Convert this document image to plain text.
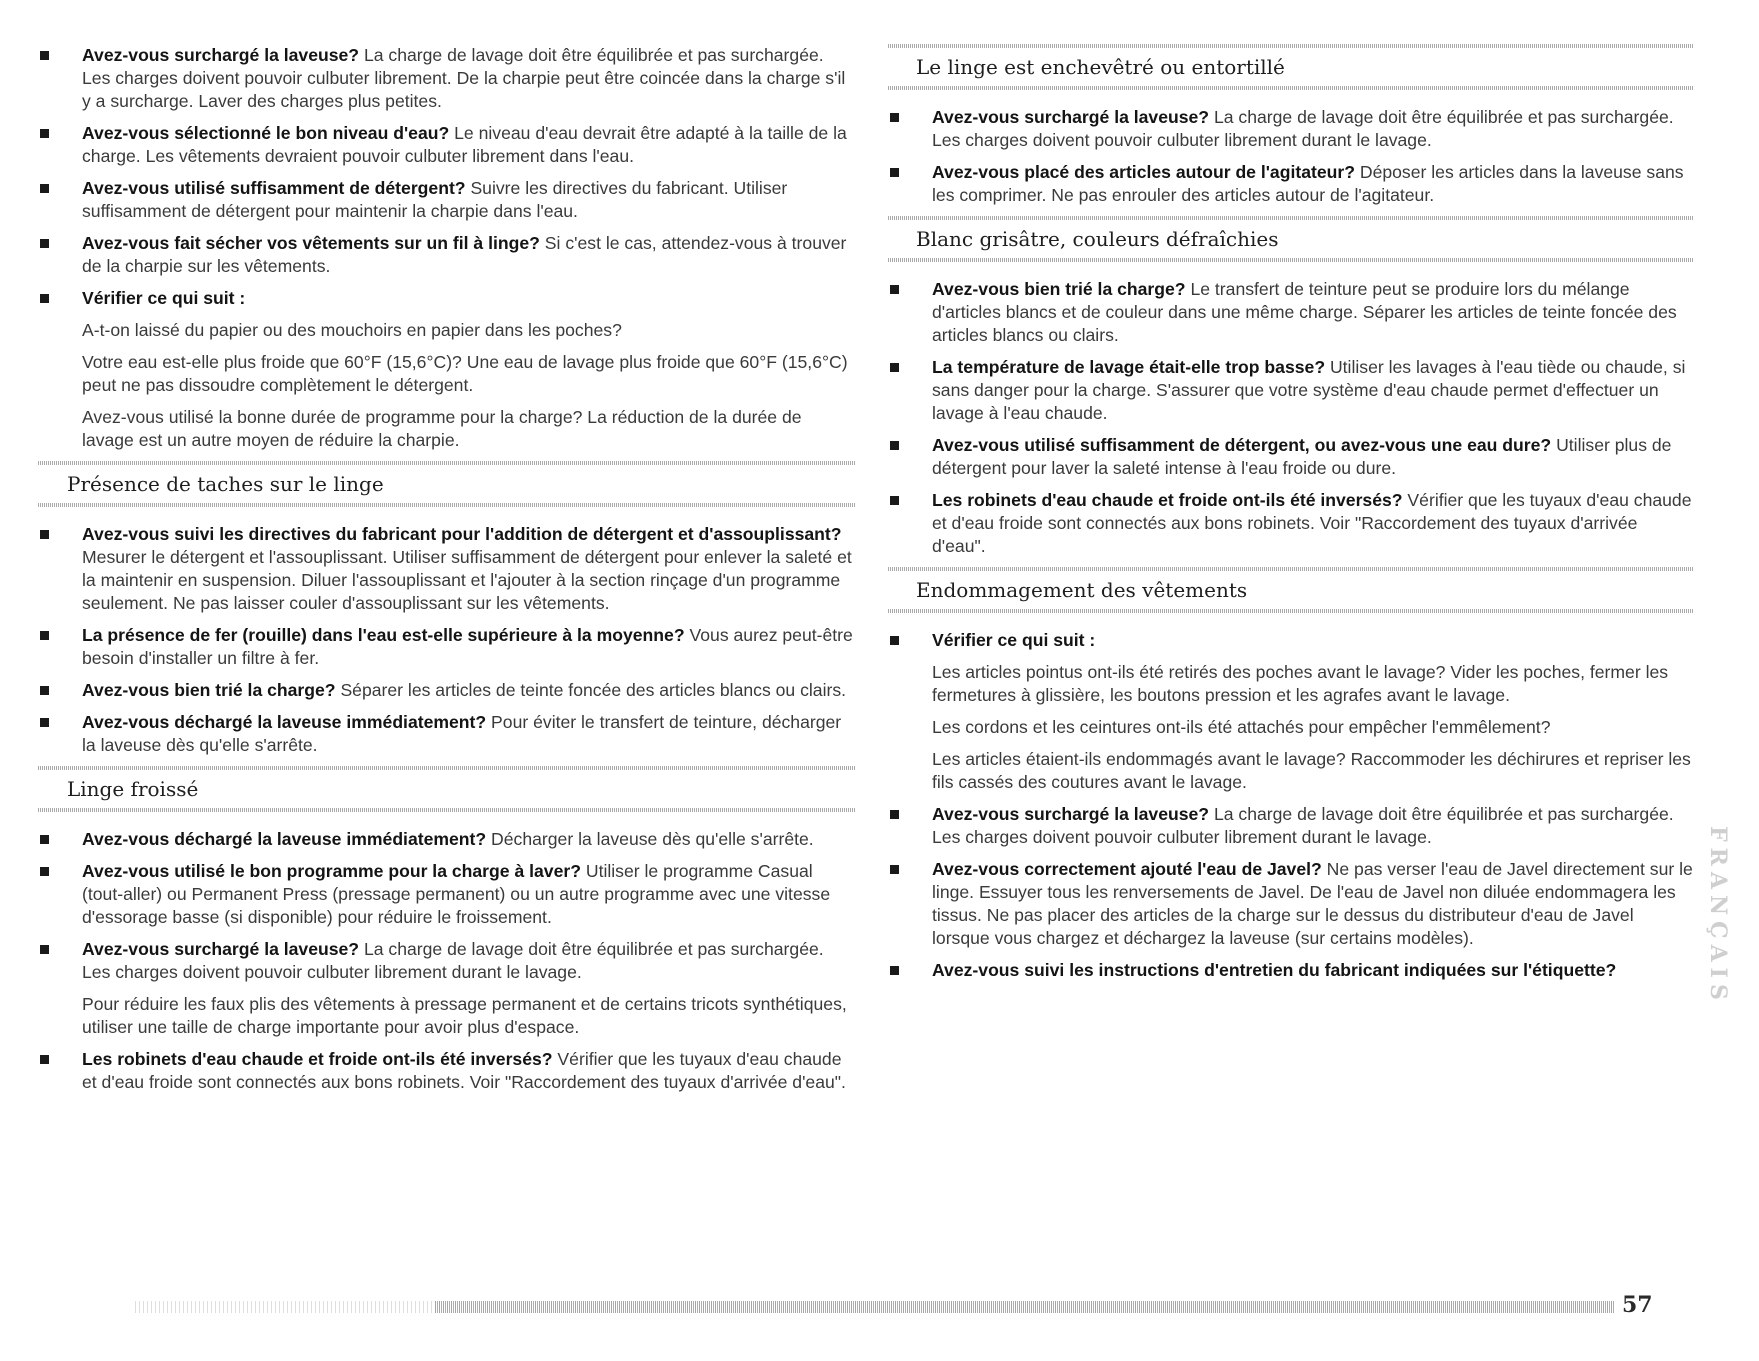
Avez-vous surchargé la laveuse? La charge de lavage doit être équilibrée et pas surchargée. Les charges doivent pouvoir culbuter librement. De la charpie peut être coincée dans la charge s'il y a surcharge. Laver des charges plus petites.
Avez-vous sélectionné le bon niveau d'eau? Le niveau d'eau devrait être adapté à la taille de la charge. Les vêtements devraient pouvoir culbuter librement dans l'eau.
Avez-vous utilisé suffisamment de détergent? Suivre les directives du fabricant. Utiliser suffisamment de détergent pour maintenir la charpie dans l'eau.
Avez-vous fait sécher vos vêtements sur un fil à linge? Si c'est le cas, attendez-vous à trouver de la charpie sur les vêtements.
Vérifier ce qui suit :
A-t-on laissé du papier ou des mouchoirs en papier dans les poches?
Votre eau est-elle plus froide que 60°F (15,6°C)? Une eau de lavage plus froide que 60°F (15,6°C) peut ne pas dissoudre complètement le détergent.
Avez-vous utilisé la bonne durée de programme pour la charge? La réduction de la durée de lavage est un autre moyen de réduire la charpie.
Présence de taches sur le linge
Avez-vous suivi les directives du fabricant pour l'addition de détergent et d'assouplissant? Mesurer le détergent et l'assouplissant. Utiliser suffisamment de détergent pour enlever la saleté et la maintenir en suspension. Diluer l'assouplissant et l'ajouter à la section rinçage d'un programme seulement. Ne pas laisser couler d'assouplissant sur les vêtements.
La présence de fer (rouille) dans l'eau est-elle supérieure à la moyenne? Vous aurez peut-être besoin d'installer un filtre à fer.
Avez-vous bien trié la charge? Séparer les articles de teinte foncée des articles blancs ou clairs.
Avez-vous déchargé la laveuse immédiatement? Pour éviter le transfert de teinture, décharger la laveuse dès qu'elle s'arrête.
Linge froissé
Avez-vous déchargé la laveuse immédiatement? Décharger la laveuse dès qu'elle s'arrête.
Avez-vous utilisé le bon programme pour la charge à laver? Utiliser le programme Casual (tout-aller) ou Permanent Press (pressage permanent) ou un autre programme avec une vitesse d'essorage basse (si disponible) pour réduire le froissement.
Avez-vous surchargé la laveuse? La charge de lavage doit être équilibrée et pas surchargée. Les charges doivent pouvoir culbuter librement durant le lavage.
Pour réduire les faux plis des vêtements à pressage permanent et de certains tricots synthétiques, utiliser une taille de charge importante pour avoir plus d'espace.
Les robinets d'eau chaude et froide ont-ils été inversés? Vérifier que les tuyaux d'eau chaude et d'eau froide sont connectés aux bons robinets. Voir "Raccordement des tuyaux d'arrivée d'eau".
Le linge est enchevêtré ou entortillé
Avez-vous surchargé la laveuse? La charge de lavage doit être équilibrée et pas surchargée. Les charges doivent pouvoir culbuter librement durant le lavage.
Avez-vous placé des articles autour de l'agitateur? Déposer les articles dans la laveuse sans les comprimer. Ne pas enrouler des articles autour de l'agitateur.
Blanc grisâtre, couleurs défraîchies
Avez-vous bien trié la charge? Le transfert de teinture peut se produire lors du mélange d'articles blancs et de couleur dans une même charge. Séparer les articles de teinte foncée des articles blancs ou clairs.
La température de lavage était-elle trop basse? Utiliser les lavages à l'eau tiède ou chaude, si sans danger pour la charge. S'assurer que votre système d'eau chaude permet d'effectuer un lavage à l'eau chaude.
Avez-vous utilisé suffisamment de détergent, ou avez-vous une eau dure? Utiliser plus de détergent pour laver la saleté intense à l'eau froide ou dure.
Les robinets d'eau chaude et froide ont-ils été inversés? Vérifier que les tuyaux d'eau chaude et d'eau froide sont connectés aux bons robinets. Voir "Raccordement des tuyaux d'arrivée d'eau".
Endommagement des vêtements
Vérifier ce qui suit :
Les articles pointus ont-ils été retirés des poches avant le lavage? Vider les poches, fermer les fermetures à glissière, les boutons pression et les agrafes avant le lavage.
Les cordons et les ceintures ont-ils été attachés pour empêcher l'emmêlement?
Les articles étaient-ils endommagés avant le lavage? Raccommoder les déchirures et repriser les fils cassés des coutures avant le lavage.
Avez-vous surchargé la laveuse? La charge de lavage doit être équilibrée et pas surchargée. Les charges doivent pouvoir culbuter librement durant le lavage.
Avez-vous correctement ajouté l'eau de Javel? Ne pas verser l'eau de Javel directement sur le linge. Essuyer tous les renversements de Javel. De l'eau de Javel non diluée endommagera les tissus. Ne pas placer des articles de la charge sur le dessus du distributeur d'eau de Javel lorsque vous chargez et déchargez la laveuse (sur certains modèles).
Avez-vous suivi les instructions d'entretien du fabricant indiquées sur l'étiquette?	FRANÇAIS
57
